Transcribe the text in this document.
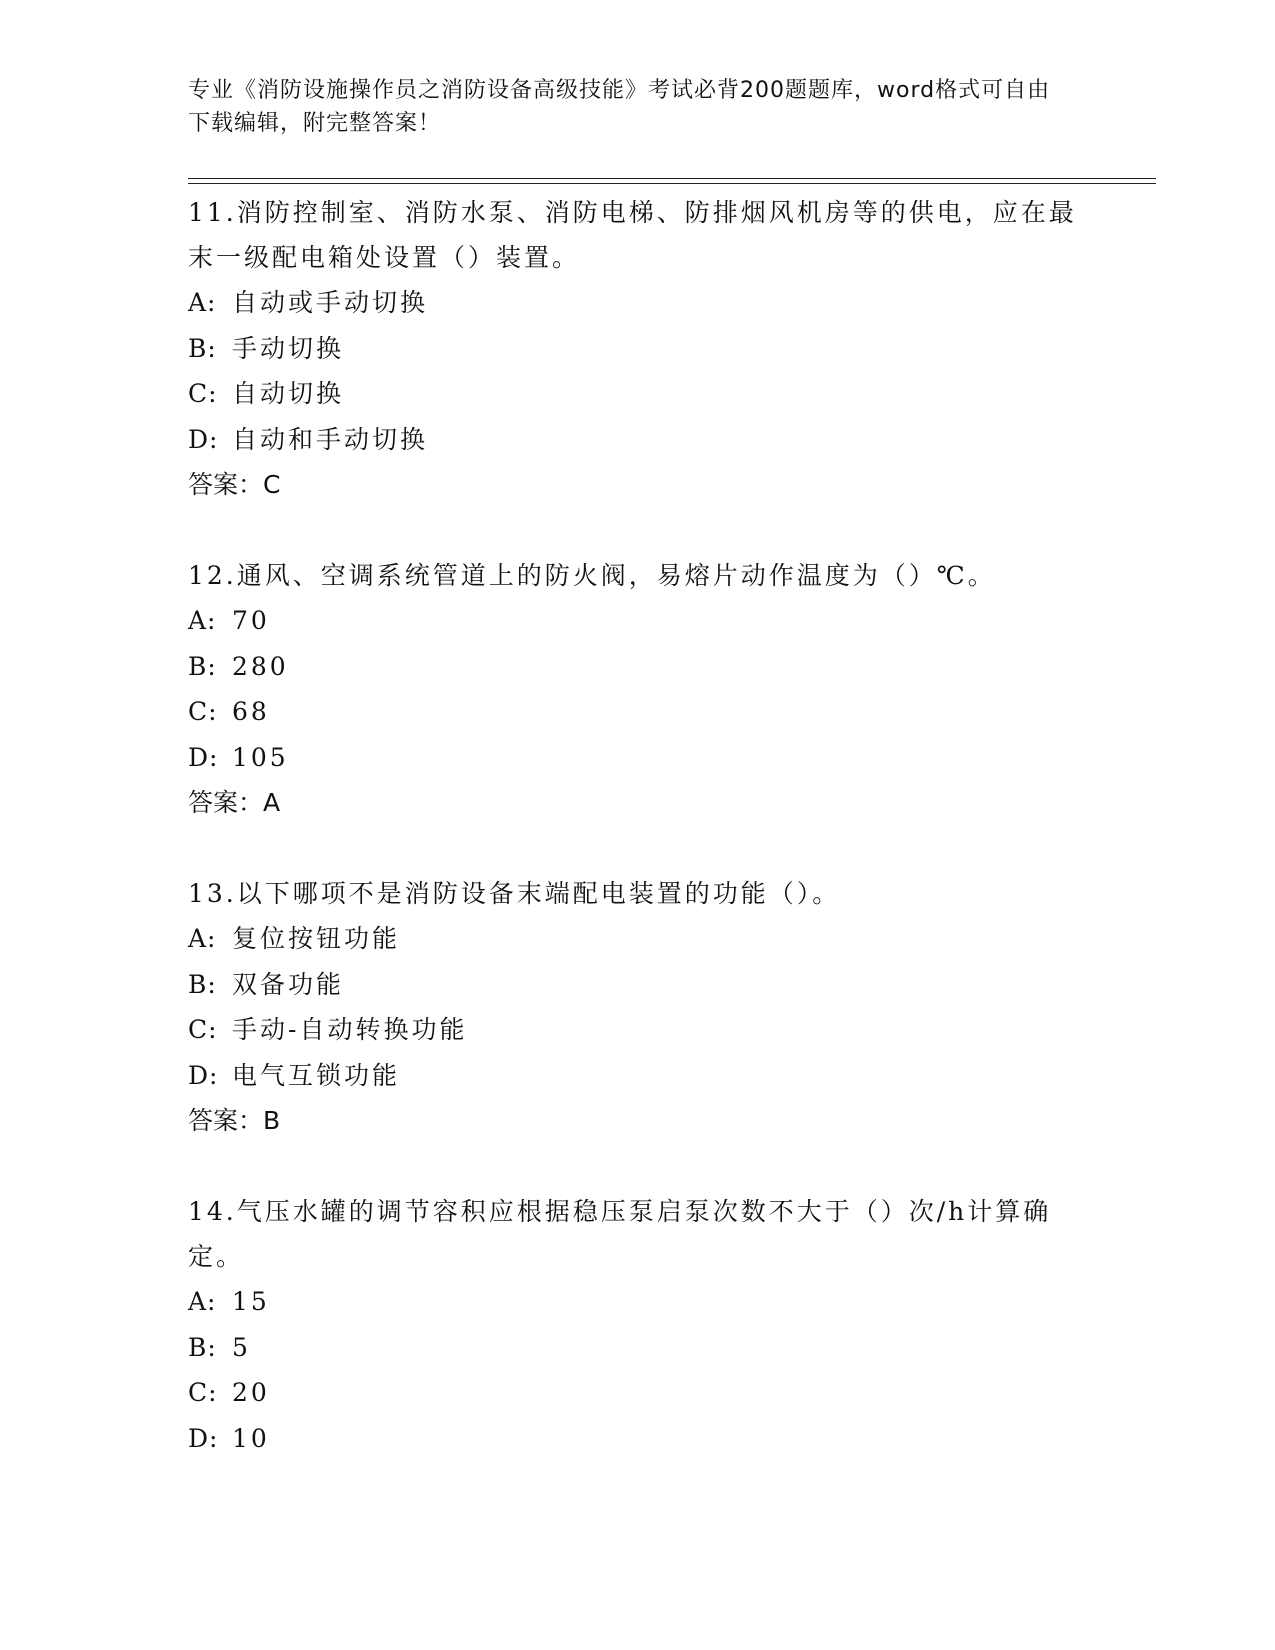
专业《消防设施操作员之消防设备高级技能》考试必背200题题库，word格式可自由下载编辑，附完整答案！
11.消防控制室、消防水泵、消防电梯、防排烟风机房等的供电，应在最末一级配电箱处设置（）装置。
A: 自动或手动切换
B: 手动切换
C: 自动切换
D: 自动和手动切换
答案：C
12.通风、空调系统管道上的防火阀，易熔片动作温度为（）℃。
A: 70
B: 280
C: 68
D: 105
答案：A
13.以下哪项不是消防设备末端配电装置的功能（）。
A: 复位按钮功能
B: 双备功能
C: 手动-自动转换功能
D: 电气互锁功能
答案：B
14.气压水罐的调节容积应根据稳压泵启泵次数不大于（）次/h计算确定。
A: 15
B: 5
C: 20
D: 10
